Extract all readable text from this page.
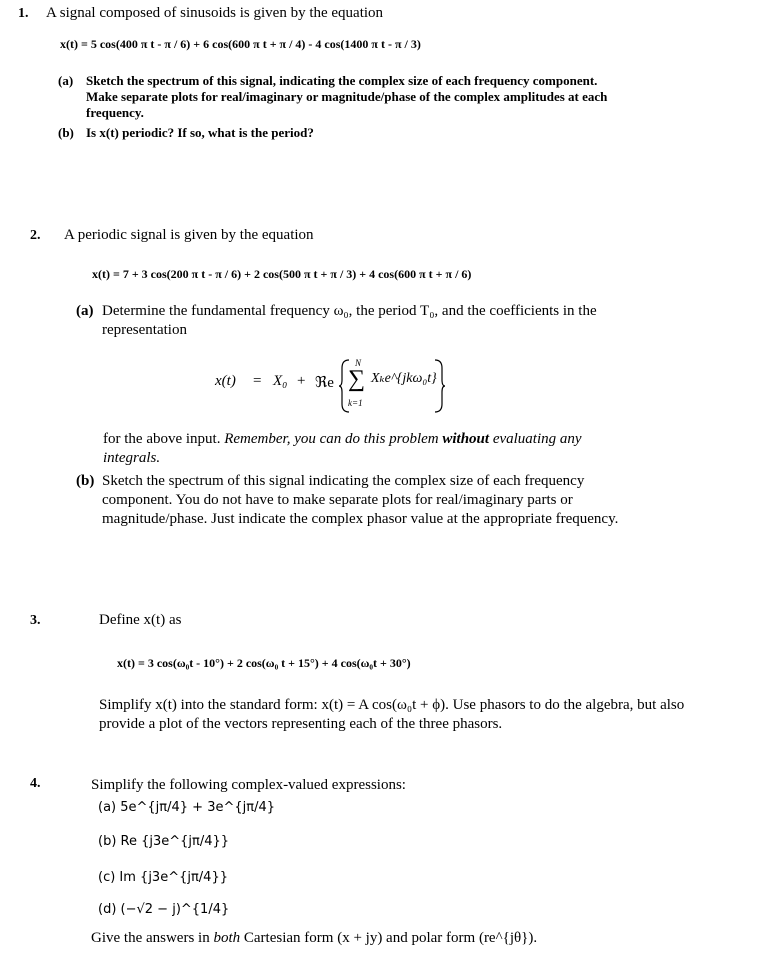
1. A signal composed of sinusoids is given by the equation
x(t) = 5 cos(400 π t - π / 6) + 6 cos(600 π t + π / 4) - 4 cos(1400 π t - π / 3)
(a) Sketch the spectrum of this signal, indicating the complex size of each frequency component. Make separate plots for real/imaginary or magnitude/phase of the complex amplitudes at each frequency.
(b) Is x(t) periodic? If so, what is the period?
2. A periodic signal is given by the equation
x(t) = 7 + 3 cos(200 π t - π / 6) + 2 cos(500 π t + π / 3) + 4 cos(600 π t + π / 6)
(a) Determine the fundamental frequency ω₀, the period T₀, and the coefficients in the representation
x(t) = X₀ + ℜe
N
∑
k=1
Xₖe^{jkω₀t}
for the above input. Remember, you can do this problem without evaluating any integrals.
(b) Sketch the spectrum of this signal indicating the complex size of each frequency component. You do not have to make separate plots for real/imaginary parts or magnitude/phase. Just indicate the complex phasor value at the appropriate frequency.
3.	Define x(t) as
x(t) = 3 cos(ω₀t - 10°) + 2 cos(ω₀ t + 15°) + 4 cos(ω₀t + 30°)
Simplify x(t) into the standard form: x(t) = A cos(ω₀t + ϕ). Use phasors to do the algebra, but also provide a plot of the vectors representing each of the three phasors.
4.	Simplify the following complex-valued expressions:
(a) 5e^{jπ/4} + 3e^{jπ/4}
(b) Re {j3e^{jπ/4}}
(c) Im {j3e^{jπ/4}}
(d) (−√2 − j)^{1/4}
Give the answers in both Cartesian form (x + jy) and polar form (re^{jθ}).
